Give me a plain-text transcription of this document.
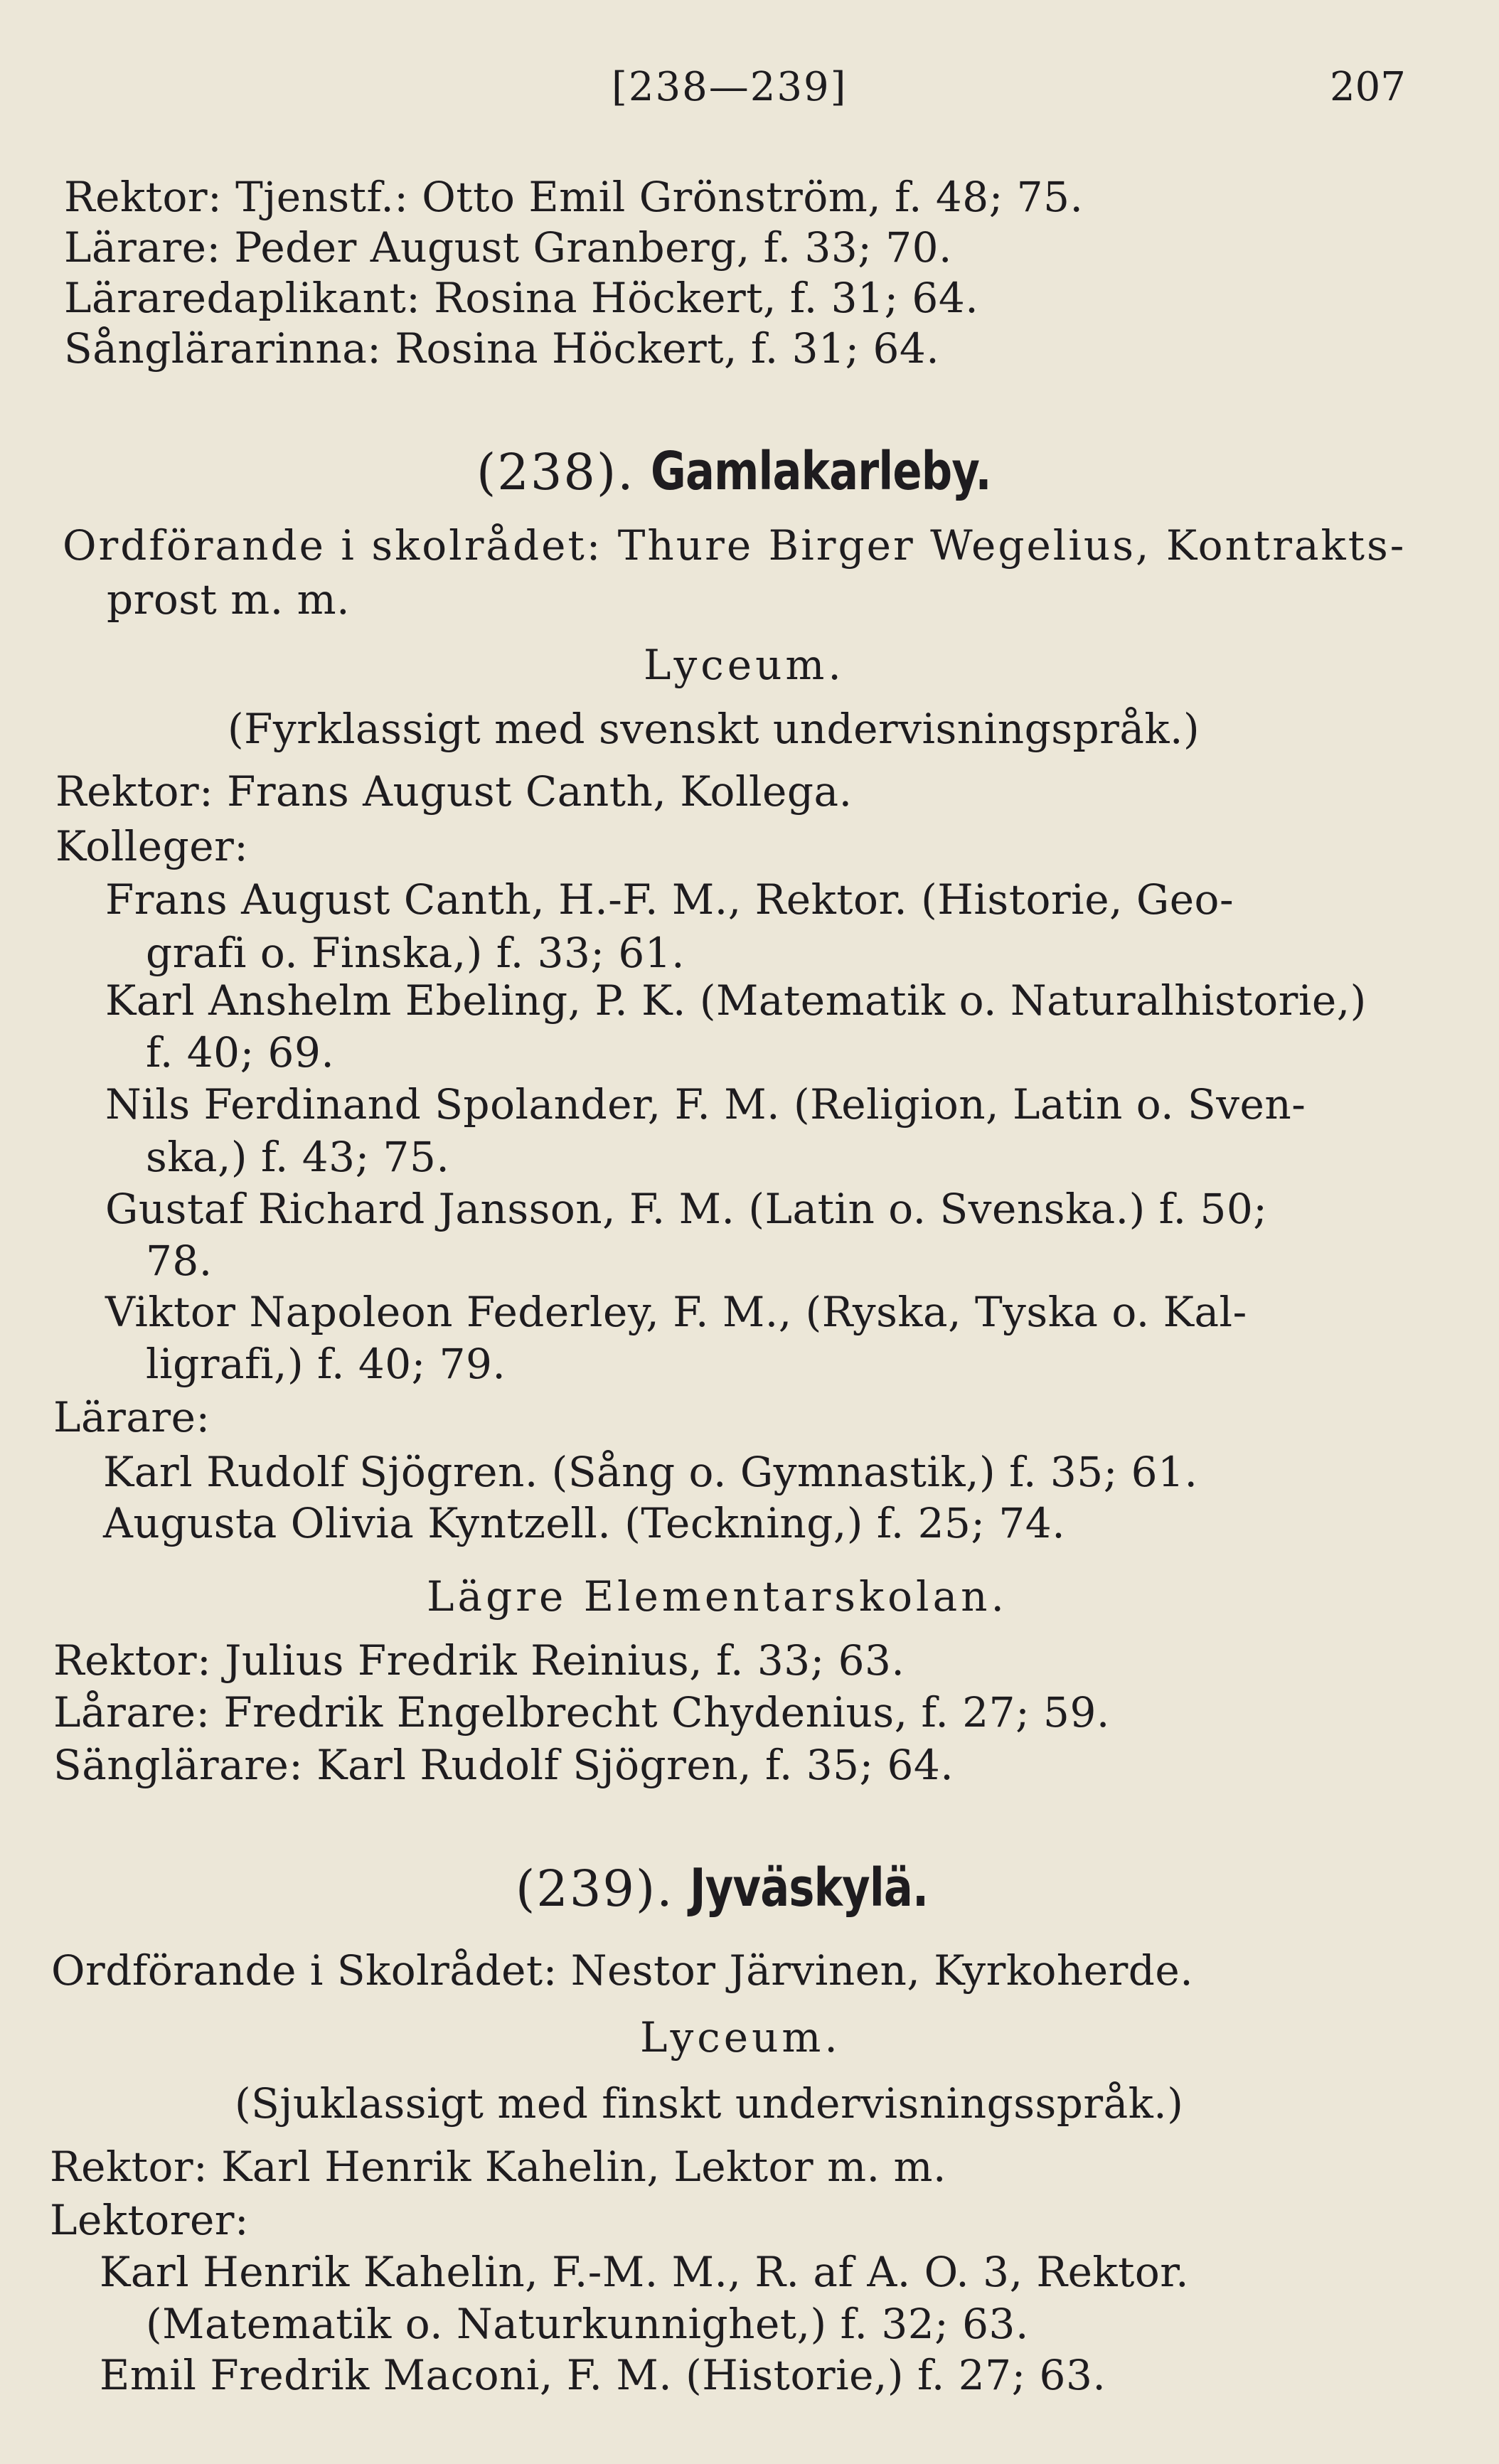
[238—239]	207
Rektor: Tjenstf.: Otto Emil Grönström, f. 48; 75.
Lärare: Peder August Granberg, f. 33; 70.
Läraredaplikant: Rosina Höckert, f. 31; 64.
Sånglärarinna: Rosina Höckert, f. 31; 64.
(238). Gamlakarleby.
Ordförande i skolrådet: Thure Birger Wegelius, Kontrakts-
prost m. m.
Lyceum.
(Fyrklassigt med svenskt undervisningspråk.)
Rektor: Frans August Canth, Kollega.
Kolleger:
Frans August Canth, H.-F. M., Rektor. (Historie, Geo-
grafi o. Finska,) f. 33; 61.
Karl Anshelm Ebeling, P. K. (Matematik o. Naturalhistorie,)
f. 40; 69.
Nils Ferdinand Spolander, F. M. (Religion, Latin o. Sven-
ska,) f. 43; 75.
Gustaf Richard Jansson, F. M. (Latin o. Svenska.) f. 50;
78.
Viktor Napoleon Federley, F. M., (Ryska, Tyska o. Kal-
ligrafi,) f. 40; 79.
Lärare:
Karl Rudolf Sjögren. (Sång o. Gymnastik,) f. 35; 61.
Augusta Olivia Kyntzell. (Teckning,) f. 25; 74.
Lägre Elementarskolan.
Rektor: Julius Fredrik Reinius, f. 33; 63.
Lårare: Fredrik Engelbrecht Chydenius, f. 27; 59.
Sänglärare: Karl Rudolf Sjögren, f. 35; 64.
(239). Jyväskylä.
Ordförande i Skolrådet: Nestor Järvinen, Kyrkoherde.
Lyceum.
(Sjuklassigt med finskt undervisningsspråk.)
Rektor: Karl Henrik Kahelin, Lektor m. m.
Lektorer:
Karl Henrik Kahelin, F.-M. M., R. af A. O. 3, Rektor.
(Matematik o. Naturkunnighet,) f. 32; 63.
Emil Fredrik Maconi, F. M. (Historie,) f. 27; 63.
